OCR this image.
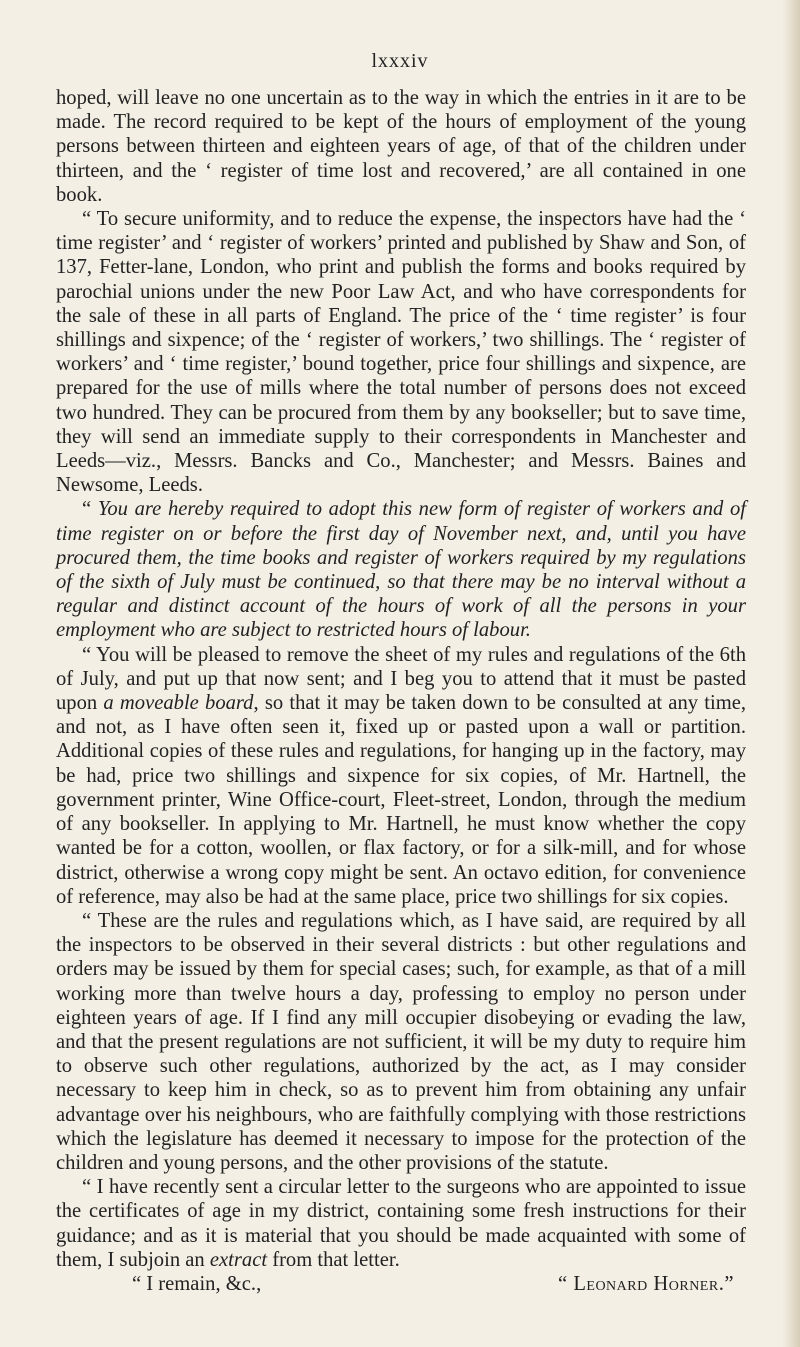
lxxxiv

hoped, will leave no one uncertain as to the way in which the entries in it are to be made. The record required to be kept of the hours of employment of the young persons between thirteen and eighteen years of age, of that of the children under thirteen, and the ‘ register of time lost and recovered,’ are all contained in one book.

“ To secure uniformity, and to reduce the expense, the inspectors have had the ‘ time register’ and ‘ register of workers’ printed and published by Shaw and Son, of 137, Fetter-lane, London, who print and publish the forms and books required by parochial unions under the new Poor Law Act, and who have correspondents for the sale of these in all parts of England. The price of the ‘ time register’ is four shillings and sixpence; of the ‘ register of workers,’ two shillings. The ‘ register of workers’ and ‘ time register,’ bound together, price four shillings and sixpence, are prepared for the use of mills where the total number of persons does not exceed two hundred. They can be procured from them by any bookseller; but to save time, they will send an immediate supply to their correspondents in Manchester and Leeds—viz., Messrs. Bancks and Co., Manchester; and Messrs. Baines and Newsome, Leeds.

“ You are hereby required to adopt this new form of register of workers and of time register on or before the first day of November next, and, until you have procured them, the time books and register of workers required by my regulations of the sixth of July must be continued, so that there may be no interval without a regular and distinct account of the hours of work of all the persons in your employment who are subject to restricted hours of labour.

“ You will be pleased to remove the sheet of my rules and regulations of the 6th of July, and put up that now sent; and I beg you to attend that it must be pasted upon a moveable board, so that it may be taken down to be consulted at any time, and not, as I have often seen it, fixed up or pasted upon a wall or partition. Additional copies of these rules and regulations, for hanging up in the factory, may be had, price two shillings and sixpence for six copies, of Mr. Hartnell, the government printer, Wine Office-court, Fleet-street, London, through the medium of any bookseller. In applying to Mr. Hartnell, he must know whether the copy wanted be for a cotton, woollen, or flax factory, or for a silk-mill, and for whose district, otherwise a wrong copy might be sent. An octavo edition, for convenience of reference, may also be had at the same place, price two shillings for six copies.

“ These are the rules and regulations which, as I have said, are required by all the inspectors to be observed in their several districts : but other regulations and orders may be issued by them for special cases; such, for example, as that of a mill working more than twelve hours a day, professing to employ no person under eighteen years of age. If I find any mill occupier disobeying or evading the law, and that the present regulations are not sufficient, it will be my duty to require him to observe such other regulations, authorized by the act, as I may consider necessary to keep him in check, so as to prevent him from obtaining any unfair advantage over his neighbours, who are faithfully complying with those restrictions which the legislature has deemed it necessary to impose for the protection of the children and young persons, and the other provisions of the statute.

“ I have recently sent a circular letter to the surgeons who are appointed to issue the certificates of age in my district, containing some fresh instructions for their guidance; and as it is material that you should be made acquainted with some of them, I subjoin an extract from that letter.

“ I remain, &c.,	“ Leonard Horner.”
